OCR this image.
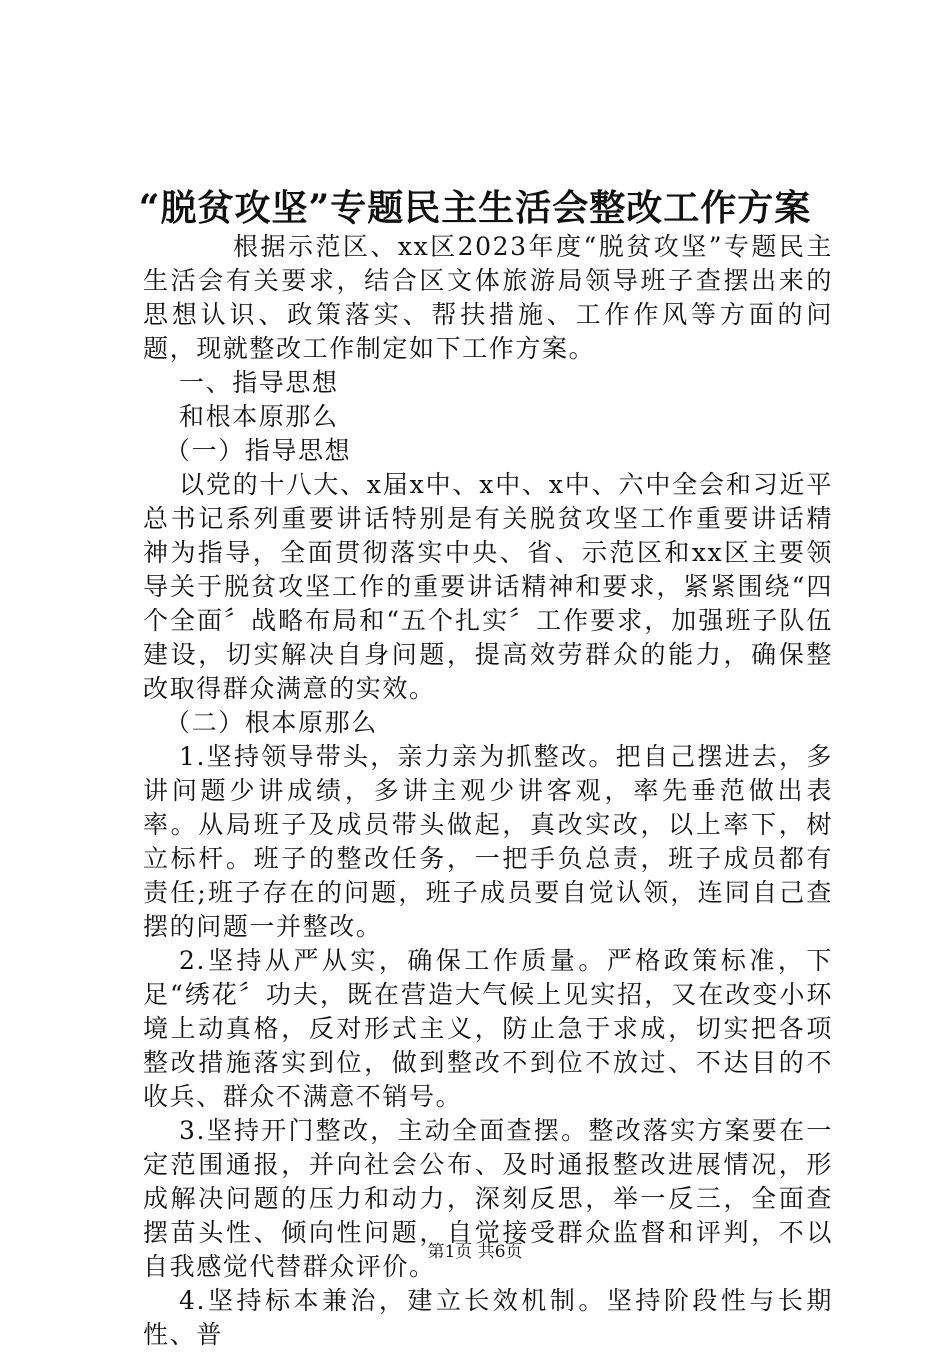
“脱贫攻坚”专题民主生活会整改工作方案

根据示范区、xx区2023年度“脱贫攻坚”专题民主生活会有关要求，结合区文体旅游局领导班子查摆出来的思想认识、政策落实、帮扶措施、工作作风等方面的问题，现就整改工作制定如下工作方案。

一、指导思想

和根本原那么

（一）指导思想

以党的十八大、x届x中、x中、x中、六中全会和习近平总书记系列重要讲话特别是有关脱贫攻坚工作重要讲话精神为指导，全面贯彻落实中央、省、示范区和xx区主要领导关于脱贫攻坚工作的重要讲话精神和要求，紧紧围绕“四个全面〞战略布局和“五个扎实〞工作要求，加强班子队伍建设，切实解决自身问题，提高效劳群众的能力，确保整改取得群众满意的实效。

（二）根本原那么

1.坚持领导带头，亲力亲为抓整改。把自己摆进去，多讲问题少讲成绩，多讲主观少讲客观，率先垂范做出表率。从局班子及成员带头做起，真改实改，以上率下，树立标杆。班子的整改任务，一把手负总责，班子成员都有责任;班子存在的问题，班子成员要自觉认领，连同自己查摆的问题一并整改。

2.坚持从严从实，确保工作质量。严格政策标准，下足“绣花〞功夫，既在营造大气候上见实招，又在改变小环境上动真格，反对形式主义，防止急于求成，切实把各项整改措施落实到位，做到整改不到位不放过、不达目的不收兵、群众不满意不销号。

3.坚持开门整改，主动全面查摆。整改落实方案要在一定范围通报，并向社会公布、及时通报整改进展情况，形成解决问题的压力和动力，深刻反思，举一反三，全面查摆苗头性、倾向性问题，自觉接受群众监督和评判，不以自我感觉代替群众评价。

4.坚持标本兼治，建立长效机制。坚持阶段性与长期性、普

第1页 共6页
